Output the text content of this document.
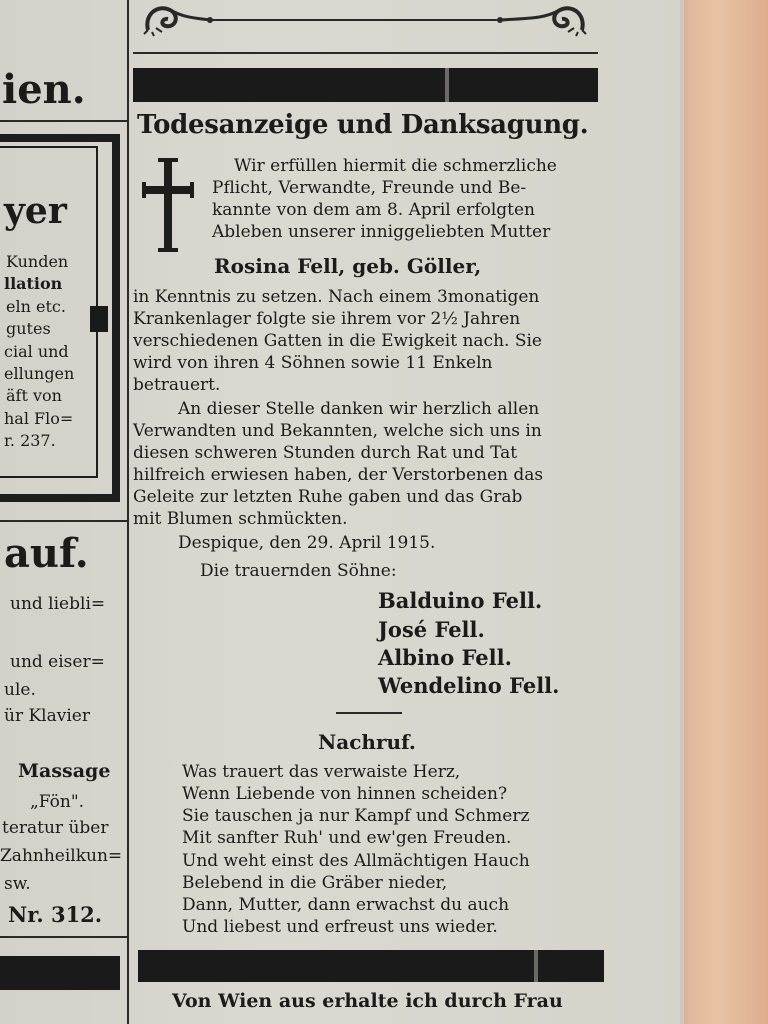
ien.
yer
Kunden
llation
eln etc.
gutes
cial und
ellungen
äft von
hal Flo=
r. 237.
auf.
und liebli=
und eiser=
ule.
ür Klavier
Massage
„Fön".
teratur über
Zahnheilkun=
sw.
Nr. 312.
Todesanzeige und Danksagung.
Wir erfüllen hiermit die schmerzliche
Pflicht, Verwandte, Freunde und Be-
kannte von dem am 8. April erfolgten
Ableben unserer inniggeliebten Mutter
Rosina Fell, geb. Göller,
in Kenntnis zu setzen. Nach einem 3monatigen
Krankenlager folgte sie ihrem vor 2½ Jahren
verschiedenen Gatten in die Ewigkeit nach. Sie
wird von ihren 4 Söhnen sowie 11 Enkeln
betrauert.
An dieser Stelle danken wir herzlich allen
Verwandten und Bekannten, welche sich uns in
diesen schweren Stunden durch Rat und Tat
hilfreich erwiesen haben, der Verstorbenen das
Geleite zur letzten Ruhe gaben und das Grab
mit Blumen schmückten.
Despique, den 29. April 1915.
Die trauernden Söhne:
Balduino Fell.
José Fell.
Albino Fell.
Wendelino Fell.
Nachruf.
Was trauert das verwaiste Herz,
Wenn Liebende von hinnen scheiden?
Sie tauschen ja nur Kampf und Schmerz
Mit sanfter Ruh' und ew'gen Freuden.
Und weht einst des Allmächtigen Hauch
Belebend in die Gräber nieder,
Dann, Mutter, dann erwachst du auch
Und liebest und erfreust uns wieder.
Von Wien aus erhalte ich durch Frau
